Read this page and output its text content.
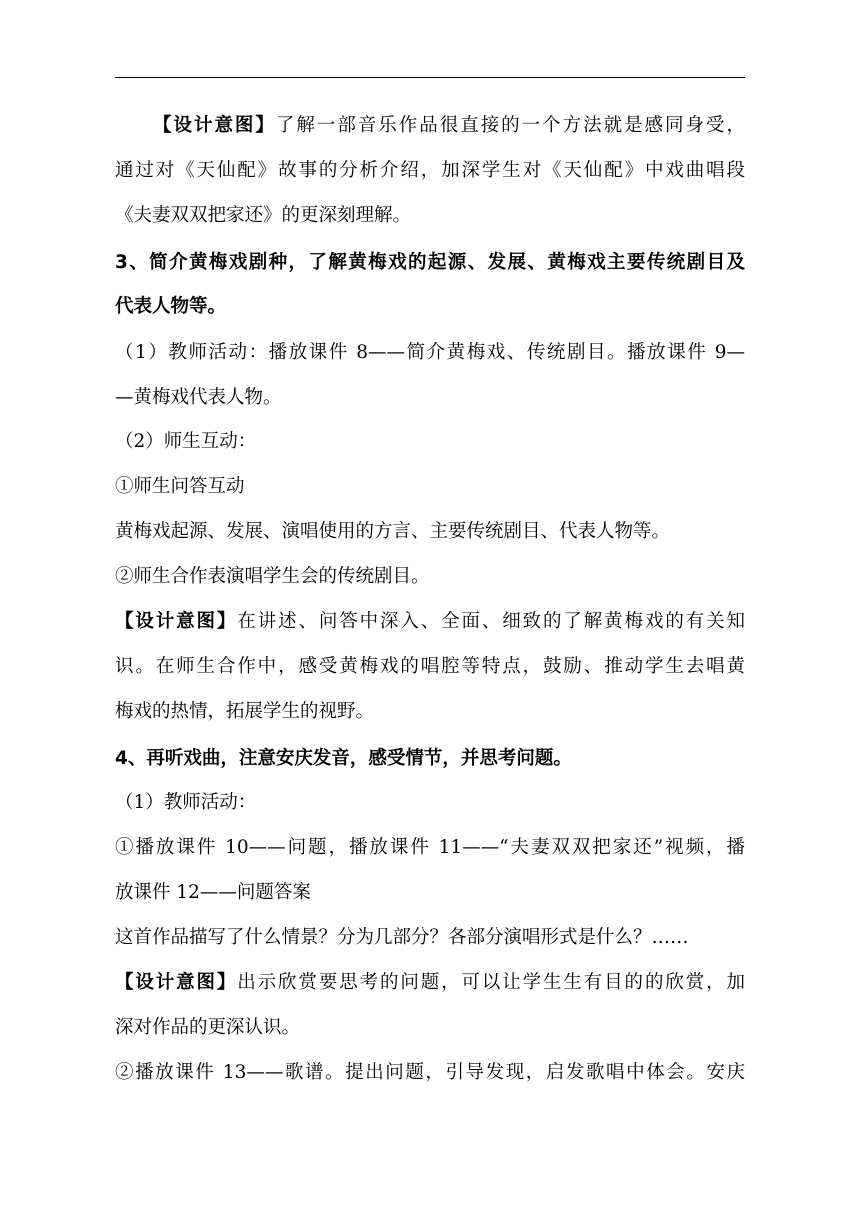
【设计意图】了解一部音乐作品很直接的一个方法就是感同身受，
通过对《天仙配》故事的分析介绍，加深学生对《天仙配》中戏曲唱段
《夫妻双双把家还》的更深刻理解。
3、简介黄梅戏剧种，了解黄梅戏的起源、发展、黄梅戏主要传统剧目及
代表人物等。
（1）教师活动：播放课件 8——简介黄梅戏、传统剧目。播放课件 9—
—黄梅戏代表人物。
（2）师生互动：
①师生问答互动
黄梅戏起源、发展、演唱使用的方言、主要传统剧目、代表人物等。
②师生合作表演唱学生会的传统剧目。
【设计意图】在讲述、问答中深入、全面、细致的了解黄梅戏的有关知
识。在师生合作中，感受黄梅戏的唱腔等特点，鼓励、推动学生去唱黄
梅戏的热情，拓展学生的视野。
4、再听戏曲，注意安庆发音，感受情节，并思考问题。
（1）教师活动：
①播放课件 10——问题，播放课件 11——“夫妻双双把家还”视频，播
放课件 12——问题答案
这首作品描写了什么情景？分为几部分？各部分演唱形式是什么？……
【设计意图】出示欣赏要思考的问题，可以让学生生有目的的欣赏，加
深对作品的更深认识。
②播放课件 13——歌谱。提出问题，引导发现，启发歌唱中体会。安庆
